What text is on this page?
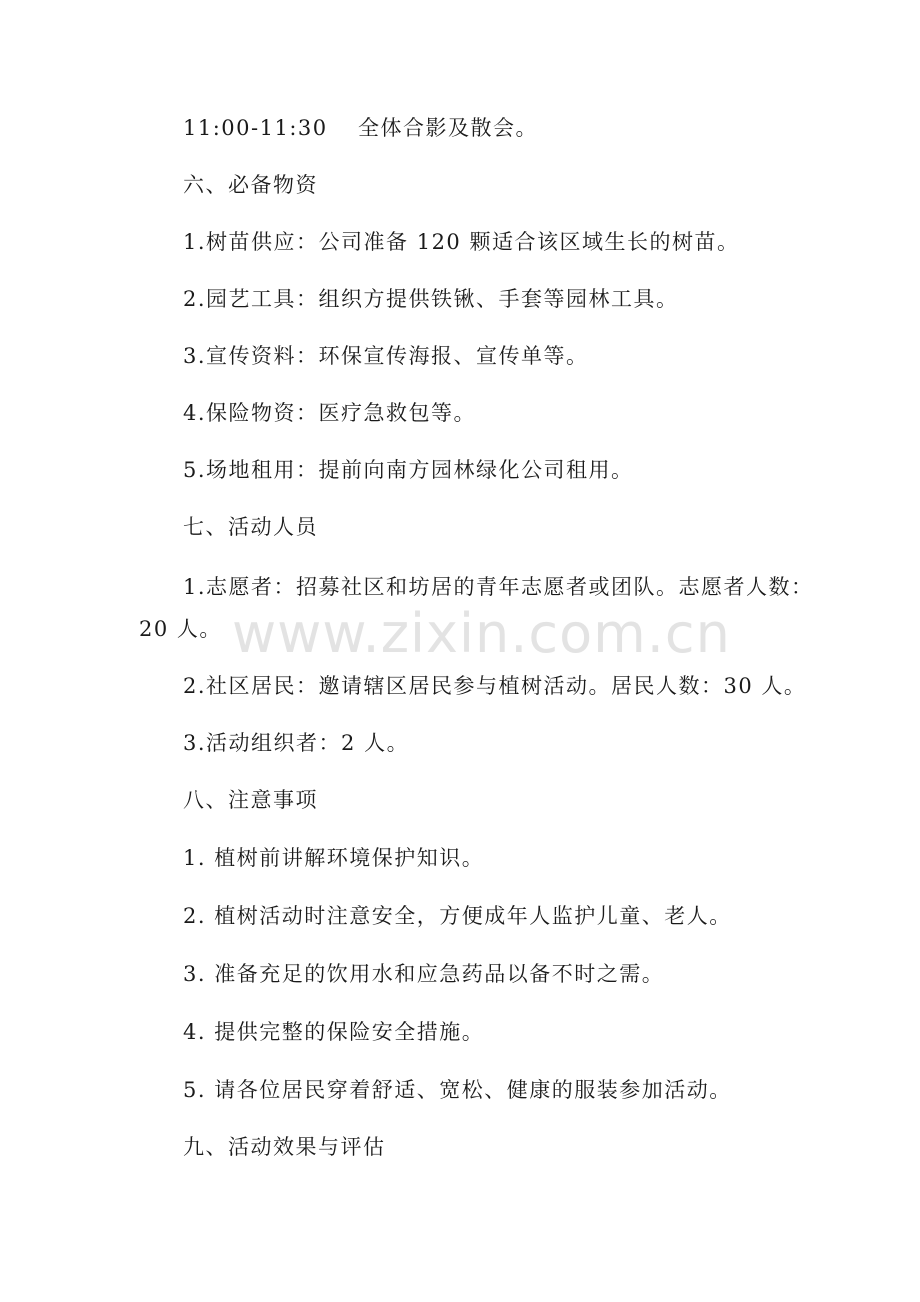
www.zixin.com.cn
11:00-11:30 全体合影及散会。
六、必备物资
1.树苗供应：公司准备 120 颗适合该区域生长的树苗。
2.园艺工具：组织方提供铁锹、手套等园林工具。
3.宣传资料：环保宣传海报、宣传单等。
4.保险物资：医疗急救包等。
5.场地租用：提前向南方园林绿化公司租用。
七、活动人员
1.志愿者：招募社区和坊居的青年志愿者或团队。志愿者人数：
20 人。
2.社区居民：邀请辖区居民参与植树活动。居民人数：30 人。
3.活动组织者：2 人。
八、注意事项
1. 植树前讲解环境保护知识。
2. 植树活动时注意安全，方便成年人监护儿童、老人。
3. 准备充足的饮用水和应急药品以备不时之需。
4. 提供完整的保险安全措施。
5. 请各位居民穿着舒适、宽松、健康的服装参加活动。
九、活动效果与评估
